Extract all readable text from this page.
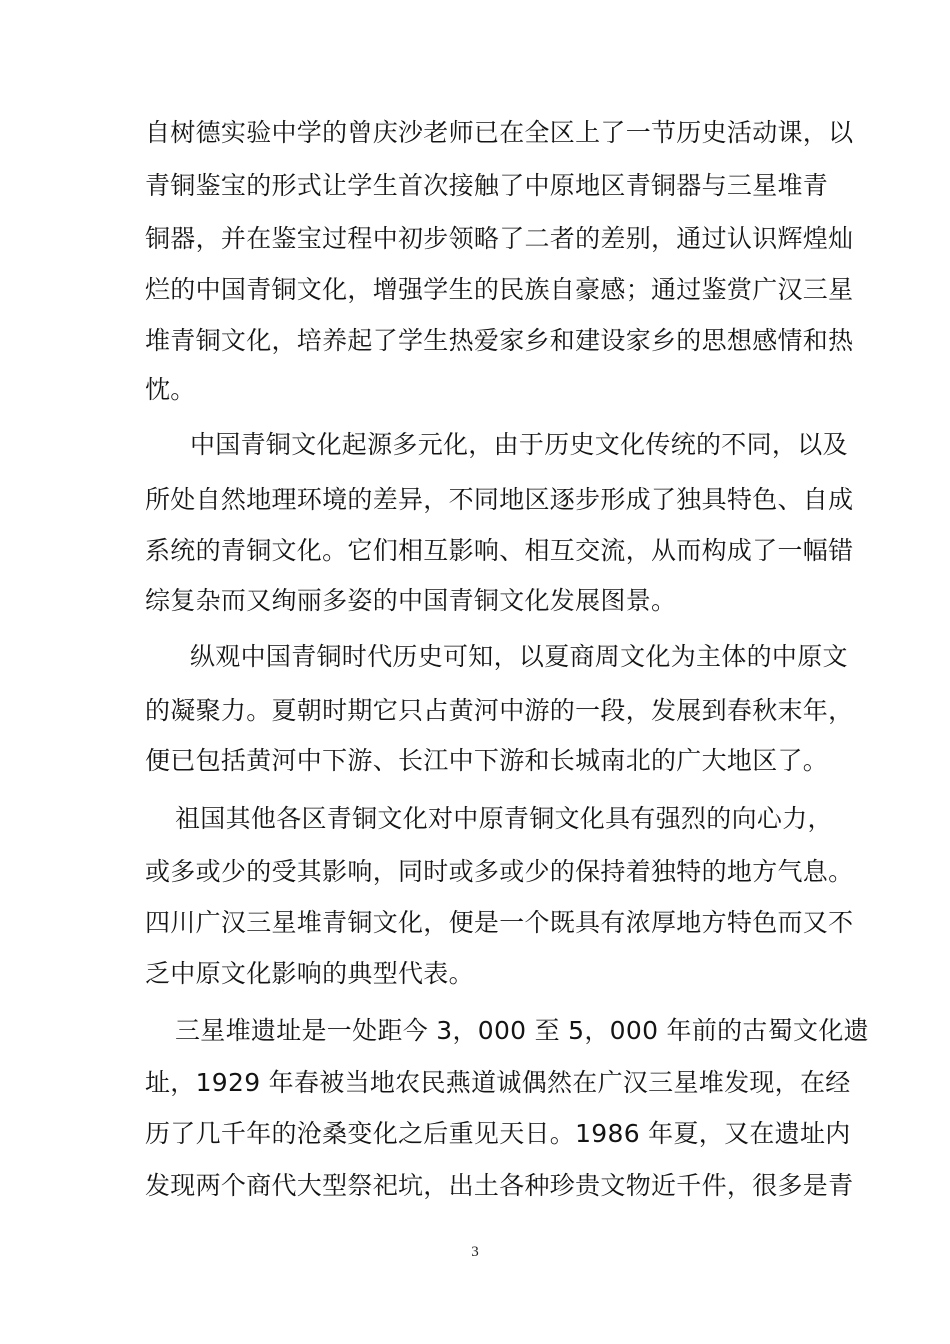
自树德实验中学的曾庆沙老师已在全区上了一节历史活动课，以
青铜鉴宝的形式让学生首次接触了中原地区青铜器与三星堆青
铜器，并在鉴宝过程中初步领略了二者的差别，通过认识辉煌灿
烂的中国青铜文化，增强学生的民族自豪感；通过鉴赏广汉三星
堆青铜文化，培养起了学生热爱家乡和建设家乡的思想感情和热
忱。
中国青铜文化起源多元化，由于历史文化传统的不同，以及
所处自然地理环境的差异，不同地区逐步形成了独具特色、自成
系统的青铜文化。它们相互影响、相互交流，从而构成了一幅错
综复杂而又绚丽多姿的中国青铜文化发展图景。
纵观中国青铜时代历史可知，以夏商周文化为主体的中原文
的凝聚力。夏朝时期它只占黄河中游的一段，发展到春秋末年，
便已包括黄河中下游、长江中下游和长城南北的广大地区了。
祖国其他各区青铜文化对中原青铜文化具有强烈的向心力，
或多或少的受其影响，同时或多或少的保持着独特的地方气息。
四川广汉三星堆青铜文化，便是一个既具有浓厚地方特色而又不
乏中原文化影响的典型代表。
三星堆遗址是一处距今 3，000 至 5，000 年前的古蜀文化遗
址，1929 年春被当地农民燕道诚偶然在广汉三星堆发现，在经
历了几千年的沧桑变化之后重见天日。1986 年夏，又在遗址内
发现两个商代大型祭祀坑，出土各种珍贵文物近千件，很多是青
3
